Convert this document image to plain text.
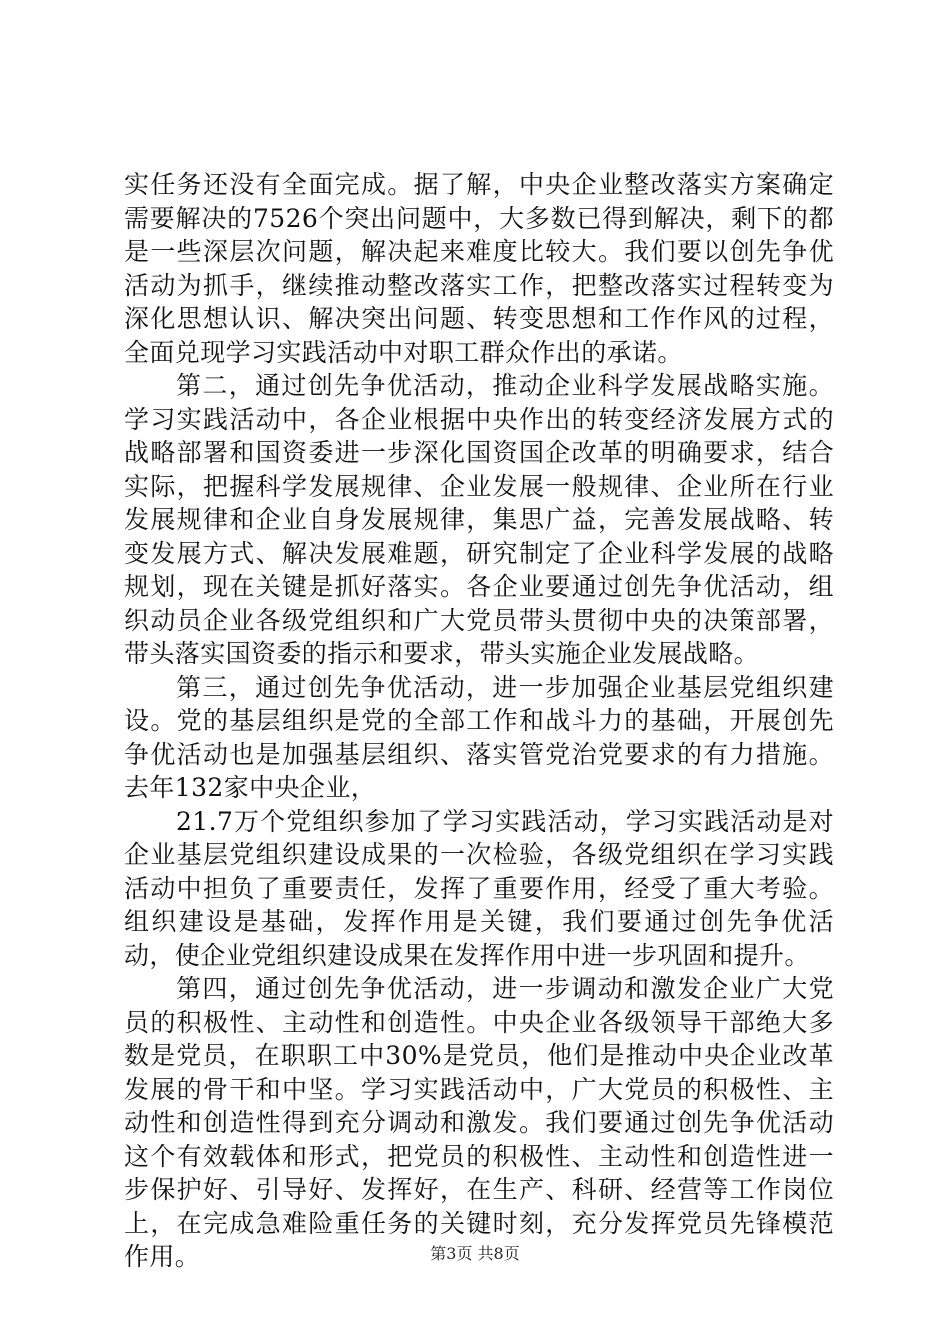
实任务还没有全面完成。据了解，中央企业整改落实方案确定需要解决的7526个突出问题中，大多数已得到解决，剩下的都是一些深层次问题，解决起来难度比较大。我们要以创先争优活动为抓手，继续推动整改落实工作，把整改落实过程转变为深化思想认识、解决突出问题、转变思想和工作作风的过程，全面兑现学习实践活动中对职工群众作出的承诺。

第二，通过创先争优活动，推动企业科学发展战略实施。学习实践活动中，各企业根据中央作出的转变经济发展方式的战略部署和国资委进一步深化国资国企改革的明确要求，结合实际，把握科学发展规律、企业发展一般规律、企业所在行业发展规律和企业自身发展规律，集思广益，完善发展战略、转变发展方式、解决发展难题，研究制定了企业科学发展的战略规划，现在关键是抓好落实。各企业要通过创先争优活动，组织动员企业各级党组织和广大党员带头贯彻中央的决策部署，带头落实国资委的指示和要求，带头实施企业发展战略。

第三，通过创先争优活动，进一步加强企业基层党组织建设。党的基层组织是党的全部工作和战斗力的基础，开展创先争优活动也是加强基层组织、落实管党治党要求的有力措施。去年132家中央企业，

21.7万个党组织参加了学习实践活动，学习实践活动是对企业基层党组织建设成果的一次检验，各级党组织在学习实践活动中担负了重要责任，发挥了重要作用，经受了重大考验。组织建设是基础，发挥作用是关键，我们要通过创先争优活动，使企业党组织建设成果在发挥作用中进一步巩固和提升。

第四，通过创先争优活动，进一步调动和激发企业广大党员的积极性、主动性和创造性。中央企业各级领导干部绝大多数是党员，在职职工中30%是党员，他们是推动中央企业改革发展的骨干和中坚。学习实践活动中，广大党员的积极性、主动性和创造性得到充分调动和激发。我们要通过创先争优活动这个有效载体和形式，把党员的积极性、主动性和创造性进一步保护好、引导好、发挥好，在生产、科研、经营等工作岗位上，在完成急难险重任务的关键时刻，充分发挥党员先锋模范作用。	第3页 共8页
